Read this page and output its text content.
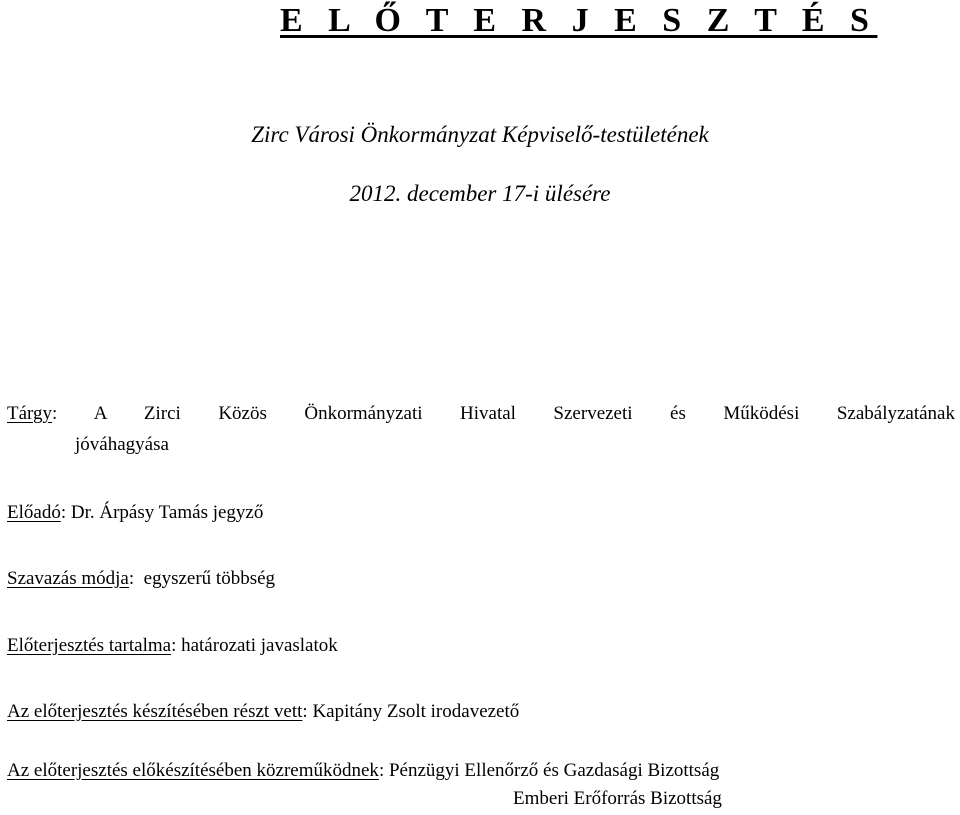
E L Ő T E R J E S Z T É S
Zirc Városi Önkormányzat Képviselő-testületének
2012. december 17-i ülésére
Tárgy: A Zirci Közös Önkormányzati Hivatal Szervezeti és Működési Szabályzatának
jóváhagyása
Előadó: Dr. Árpásy Tamás jegyző
Szavazás módja:  egyszerű többség
Előterjesztés tartalma: határozati javaslatok
Az előterjesztés készítésében részt vett: Kapitány Zsolt irodavezető
Az előterjesztés előkészítésében közreműködnek: Pénzügyi Ellenőrző és Gazdasági Bizottság
Emberi Erőforrás Bizottság
